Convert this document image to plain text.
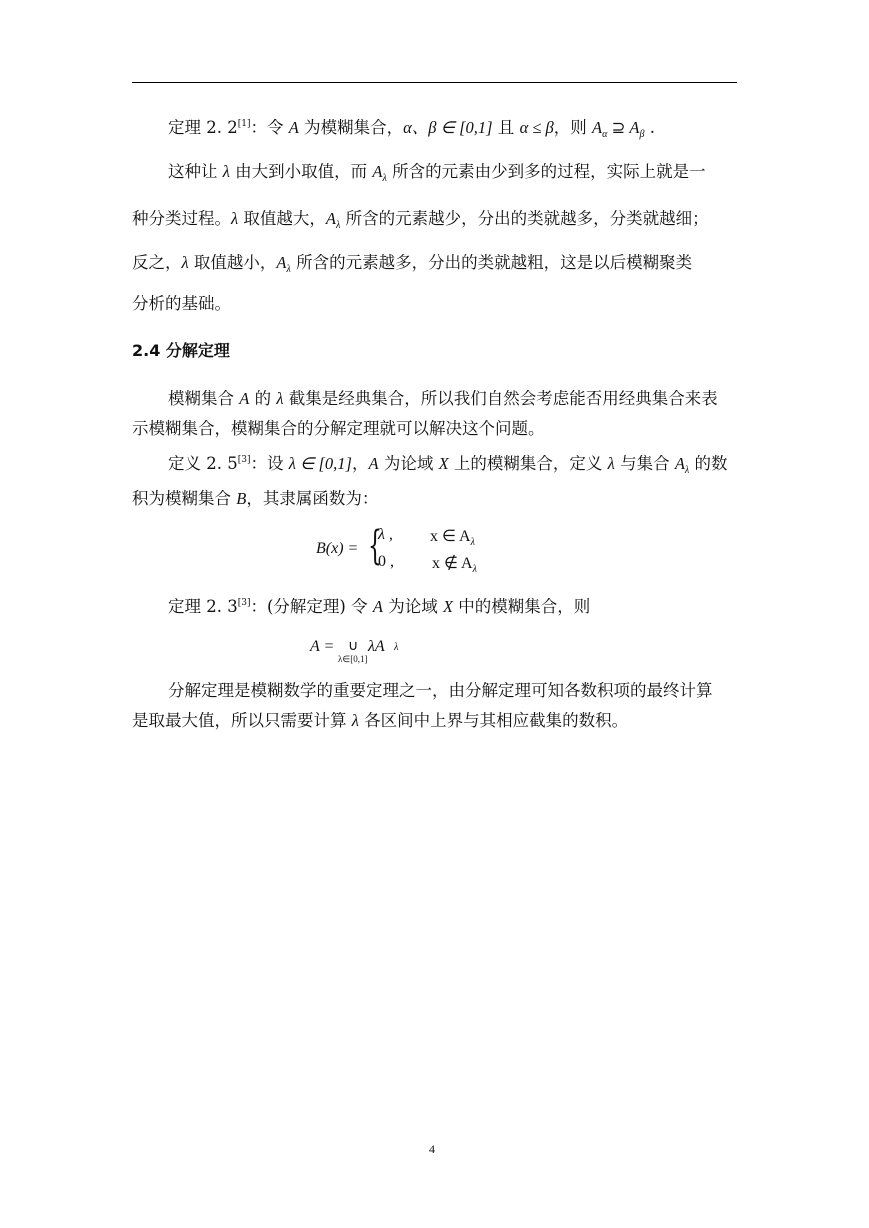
定理 2. 2[1]：令 A 为模糊集合，α、β ∈ [0,1] 且 α ≤ β，则 $A_\alpha$ ⊇ $A_\beta$ .
这种让 λ 由大到小取值，而 $A_\lambda$ 所含的元素由少到多的过程，实际上就是一
种分类过程。λ 取值越大，$A_\lambda$ 所含的元素越少，分出的类就越多，分类就越细；
反之，λ 取值越小，$A_\lambda$ 所含的元素越多，分出的类就越粗，这是以后模糊聚类
分析的基础。
2.4 分解定理
模糊集合 A 的 λ 截集是经典集合，所以我们自然会考虑能否用经典集合来表
示模糊集合，模糊集合的分解定理就可以解决这个问题。
定义 2. 5[3]：设 λ ∈ [0,1]，A 为论域 X 上的模糊集合，定义 λ 与集合 $A_\lambda$ 的数
积为模糊集合 B，其隶属函数为：
B(x) = {
λ , x ∈ $A_\lambda$
0 , x ∉ $A_\lambda$
定理 2. 3[3]：(分解定理) 令 A 为论域 X 中的模糊集合，则
A = ∪
λ∈[0,1]
λA λ
分解定理是模糊数学的重要定理之一，由分解定理可知各数积项的最终计算
是取最大值，所以只需要计算 λ 各区间中上界与其相应截集的数积。
4
